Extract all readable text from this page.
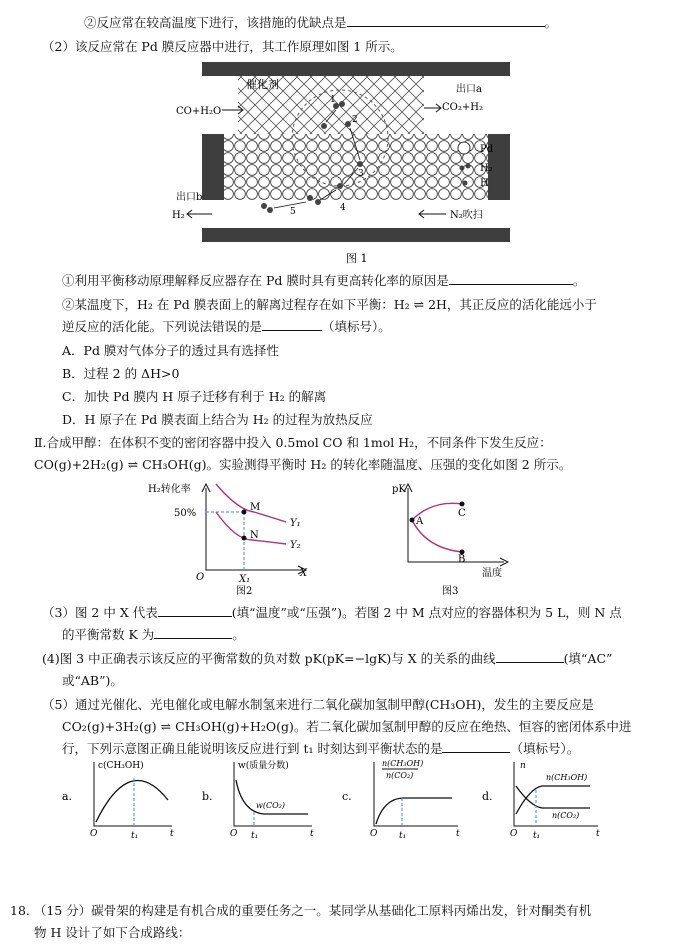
②反应常在较高温度下进行，该措施的优缺点是	。
（2）该反应常在 Pd 膜反应器中进行，其工作原理如图 1 所示。
催化剂
CO+H₂O
出口a
CO₂+H₂
出口b
H₂	N₂吹扫
1
2
3
4
5
Pd
H₂
H
图 1
①利用平衡移动原理解释反应器存在 Pd 膜时具有更高转化率的原因是	。
②某温度下，H₂ 在 Pd 膜表面上的解离过程存在如下平衡：H₂ ⇌ 2H，其正反应的活化能远小于
逆反应的活化能。下列说法错误的是	（填标号）。
A．Pd 膜对气体分子的透过具有选择性
B．过程 2 的 ΔH>0
C．加快 Pd 膜内 H 原子迁移有利于 H₂ 的解离
D．H 原子在 Pd 膜表面上结合为 H₂ 的过程为放热反应
Ⅱ.合成甲醇：在体积不变的密闭容器中投入 0.5mol CO 和 1mol H₂，不同条件下发生反应：
CO(g)+2H₂(g) ⇌ CH₃OH(g)。实验测得平衡时 H₂ 的转化率随温度、压强的变化如图 2 所示。
H₂转化率
50%
M
N
Y₁
Y₂
X₁
X
O
图2
pK
A
C
B
温度
图3
（3）图 2 中 X 代表	(填“温度”或“压强”)。若图 2 中 M 点对应的容器体积为 5 L，则 N 点
的平衡常数 K 为	。
(4)图 3 中正确表示该反应的平衡常数的负对数 pK(pK=−lgK)与 X 的关系的曲线	(填“AC”
或“AB”)。
（5）通过光催化、光电催化或电解水制氢来进行二氧化碳加氢制甲醇(CH₃OH)，发生的主要反应是
CO₂(g)+3H₂(g) ⇌ CH₃OH(g)+H₂O(g)。若二氧化碳加氢制甲醇的反应在绝热、恒容的密闭体系中进
行，下列示意图正确且能说明该反应进行到 t₁ 时刻达到平衡状态的是	（填标号）。
a.
c(CH₃OH)
O	t₁	t
b.
w(质量分数)
w(CO₂)
O t₁	t
c.
n(CH₃OH)
n(CO₂)
O t₁	t
d.
n
n(CH₃OH)
n(CO₂)
O t₁	t
18. （15 分）碳骨架的构建是有机合成的重要任务之一。某同学从基础化工原料丙烯出发，针对酮类有机
物 H 设计了如下合成路线：
